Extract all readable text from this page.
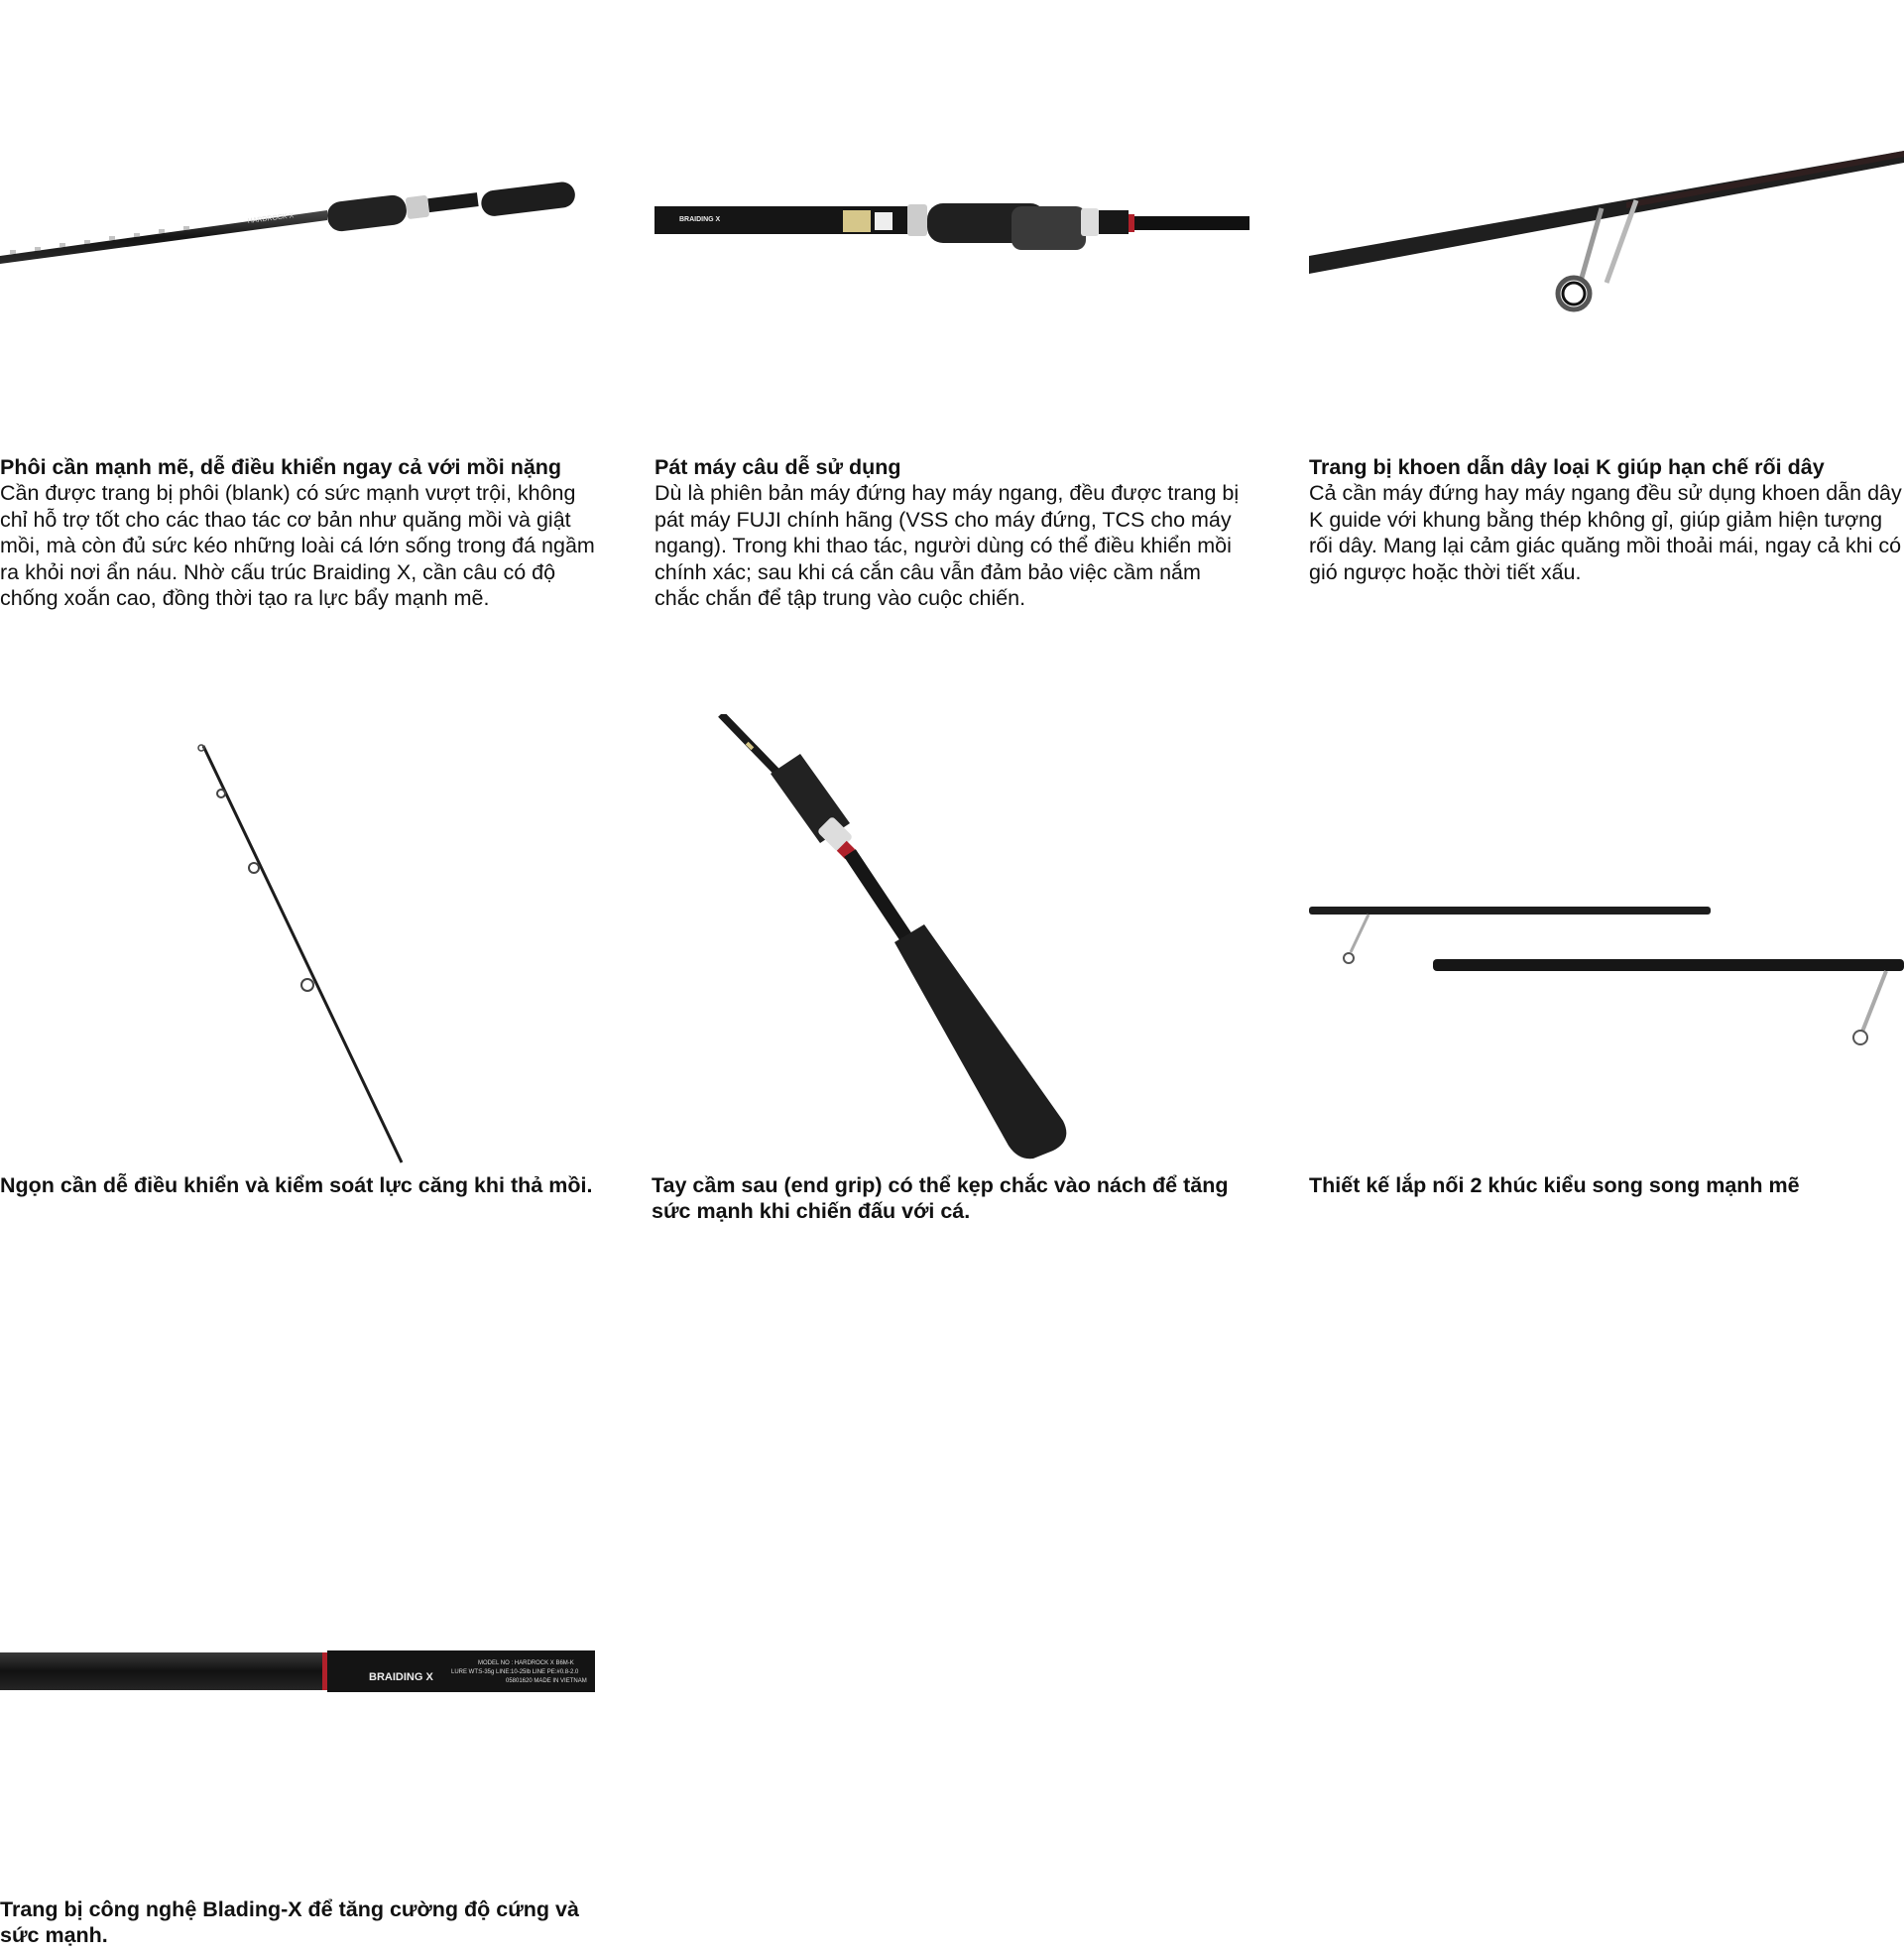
HARDROCK X

Phôi cần mạnh mẽ, dễ điều khiển ngay cả với mồi nặng

Cần được trang bị phôi (blank) có sức mạnh vượt trội, không chỉ hỗ trợ tốt cho các thao tác cơ bản như quăng mồi và giật mồi, mà còn đủ sức kéo những loài cá lớn sống trong đá ngầm ra khỏi nơi ẩn náu. Nhờ cấu trúc Braiding X, cần câu có độ chống xoắn cao, đồng thời tạo ra lực bẩy mạnh mẽ.

BRAIDING X

Pát máy câu dễ sử dụng

Dù là phiên bản máy đứng hay máy ngang, đều được trang bị pát máy FUJI chính hãng (VSS cho máy đứng, TCS cho máy ngang). Trong khi thao tác, người dùng có thể điều khiển mồi chính xác; sau khi cá cắn câu vẫn đảm bảo việc cầm nắm chắc chắn để tập trung vào cuộc chiến.

Trang bị khoen dẫn dây loại K giúp hạn chế rối dây

Cả cần máy đứng hay máy ngang đều sử dụng khoen dẫn dây K guide với khung bằng thép không gỉ, giúp giảm hiện tượng rối dây. Mang lại cảm giác quăng mồi thoải mái, ngay cả khi có gió ngược hoặc thời tiết xấu.

Ngọn cần dễ điều khiển và kiểm soát lực căng khi thả mồi.	Tay cầm sau (end grip) có thể kẹp chắc vào nách để tăng sức mạnh khi chiến đấu với cá.

Thiết kế lắp nối 2 khúc kiểu song song mạnh mẽ

BRAIDING X
MODEL NO : HARDROCK X B6M-K
LURE WT:5-35g LINE:10-25lb LINE PE:#0.8-2.0
05801620 MADE IN VIETNAM

Trang bị công nghệ Blading-X để tăng cường độ cứng và sức mạnh.
